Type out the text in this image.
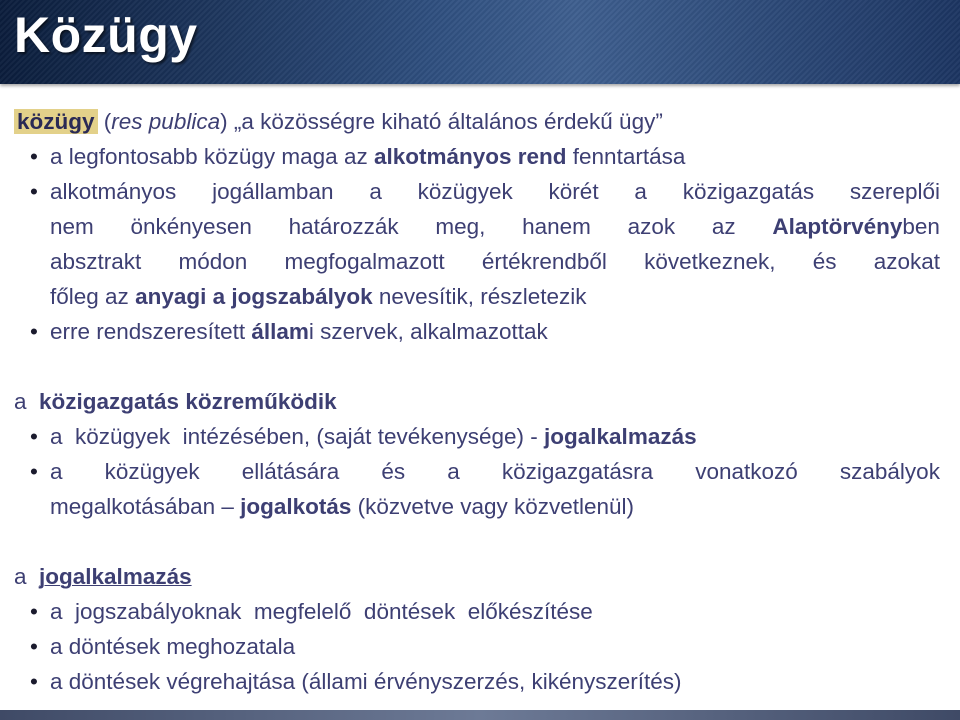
Közügy
közügy (res publica) „a közösségre kiható általános érdekű ügy”
• a legfontosabb közügy maga az alkotmányos rend fenntartása
• alkotmányos jogállamban a közügyek körét a közigazgatás szereplői
nem önkényesen határozzák meg, hanem azok az Alaptörvényben
absztrakt módon megfogalmazott értékrendből következnek, és azokat
főleg az anyagi a jogszabályok nevesítik, részletezik
• erre rendszeresített állami szervek, alkalmazottak
a  közigazgatás közreműködik
• a  közügyek  intézésében, (saját tevékenysége) - jogalkalmazás
• a közügyek ellátására és a közigazgatásra vonatkozó szabályok
megalkotásában – jogalkotás (közvetve vagy közvetlenül)
a  jogalkalmazás
• a  jogszabályoknak  megfelelő  döntések  előkészítése
• a döntések meghozatala
• a döntések végrehajtása (állami érvényszerzés, kikényszerítés)
